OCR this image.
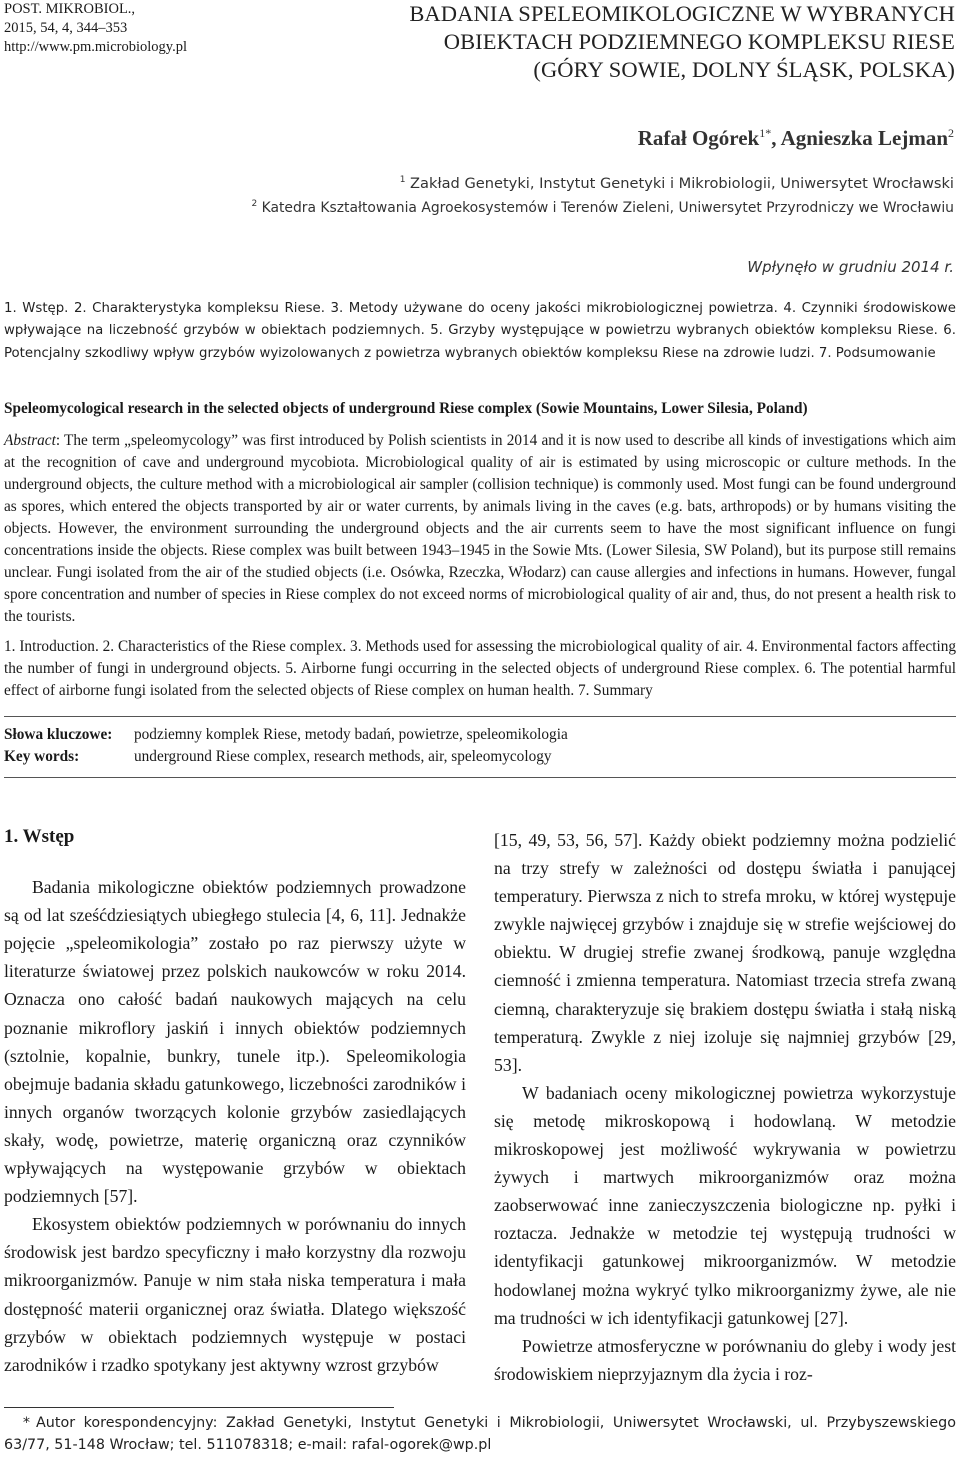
POST. MIKROBIOL.,
2015, 54, 4, 344–353
http://www.pm.microbiology.pl
BADANIA SPELEOMIKOLOGICZNE W WYBRANYCH
OBIEKTACH PODZIEMNEGO KOMPLEKSU RIESE
(GÓRY SOWIE, DOLNY ŚLĄSK, POLSKA)
Rafał Ogórek$^{1*}$, Agnieszka Lejman$^2$
$^1$ Zakład Genetyki, Instytut Genetyki i Mikrobiologii, Uniwersytet Wrocławski
$^2$ Katedra Kształtowania Agroekosystemów i Terenów Zieleni, Uniwersytet Przyrodniczy we Wrocławiu
Wpłynęło w grudniu 2014 r.
1. Wstęp. 2. Charakterystyka kompleksu Riese. 3. Metody używane do oceny jakości mikrobiologicznej powietrza. 4. Czynniki środowiskowe wpływające na liczebność grzybów w obiektach podziemnych. 5. Grzyby występujące w powietrzu wybranych obiektów kompleksu Riese. 6. Potencjalny szkodliwy wpływ grzybów wyizolowanych z powietrza wybranych obiektów kompleksu Riese na zdrowie ludzi. 7. Podsumowanie
Speleomycological research in the selected objects of underground Riese complex (Sowie Mountains, Lower Silesia, Poland)
Abstract: The term „speleomycology” was first introduced by Polish scientists in 2014 and it is now used to describe all kinds of investigations which aim at the recognition of cave and underground mycobiota. Microbiological quality of air is estimated by using microscopic or culture methods. In the underground objects, the culture method with a microbiological air sampler (collision technique) is commonly used. Most fungi can be found underground as spores, which entered the objects transported by air or water currents, by animals living in the caves (e.g. bats, arthropods) or by humans visiting the objects. However, the environment surrounding the underground objects and the air currents seem to have the most significant influence on fungi concentrations inside the objects. Riese complex was built between 1943–1945 in the Sowie Mts. (Lower Silesia, SW Poland), but its purpose still remains unclear. Fungi isolated from the air of the studied objects (i.e. Osówka, Rzeczka, Włodarz) can cause allergies and infections in humans. However, fungal spore concentration and number of species in Riese complex do not exceed norms of microbiological quality of air and, thus, do not present a health risk to the tourists.
1. Introduction. 2. Characteristics of the Riese complex. 3. Methods used for assessing the microbiological quality of air. 4. Environmental factors affecting the number of fungi in underground objects. 5. Airborne fungi occurring in the selected objects of underground Riese complex. 6. The potential harmful effect of airborne fungi isolated from the selected objects of Riese complex on human health. 7. Summary
Słowa kluczowe: podziemny komplek Riese, metody badań, powietrze, speleomikologia
Key words:	underground Riese complex, research methods, air, speleomycology
1. Wstęp

Badania mikologiczne obiektów podziemnych prowadzone są od lat sześćdziesiątych ubiegłego stulecia [4, 6, 11]. Jednakże pojęcie „speleomikologia” zostało po raz pierwszy użyte w literaturze światowej przez polskich naukowców w roku 2014. Oznacza ono całość badań naukowych mających na celu poznanie mikroflory jaskiń i innych obiektów podziemnych (sztolnie, kopalnie, bunkry, tunele itp.). Speleomikologia obejmuje badania składu gatunkowego, liczebności zarodników i innych organów tworzących kolonie grzybów zasiedlających skały, wodę, powietrze, materię organiczną oraz czynników wpływających na występowanie grzybów w obiektach podziemnych [57].

Ekosystem obiektów podziemnych w porównaniu do innych środowisk jest bardzo specyficzny i mało korzystny dla rozwoju mikroorganizmów. Panuje w nim stała niska temperatura i mała dostępność materii organicznej oraz światła. Dlatego większość grzybów w obiektach podziemnych występuje w postaci zarodników i rzadko spotykany jest aktywny wzrost grzybów

[15, 49, 53, 56, 57]. Każdy obiekt podziemny można podzielić na trzy strefy w zależności od dostępu światła i panującej temperatury. Pierwsza z nich to strefa mroku, w której występuje zwykle najwięcej grzybów i znajduje się w strefie wejściowej do obiektu. W drugiej strefie zwanej środkową, panuje względna ciemność i zmienna temperatura. Natomiast trzecia strefa zwaną ciemną, charakteryzuje się brakiem dostępu światła i stałą niską temperaturą. Zwykle z niej izoluje się najmniej grzybów [29, 53].

W badaniach oceny mikologicznej powietrza wykorzystuje się metodę mikroskopową i hodowlaną. W metodzie mikroskopowej jest możliwość wykrywania w powietrzu żywych i martwych mikroorganizmów oraz można zaobserwować inne zanieczyszczenia biologiczne np. pyłki i roztacza. Jednakże w metodzie tej występują trudności w identyfikacji gatunkowej mikroorganizmów. W metodzie hodowlanej można wykryć tylko mikroorganizmy żywe, ale nie ma trudności w ich identyfikacji gatunkowej [27].

Powietrze atmosferyczne w porównaniu do gleby i wody jest środowiskiem nieprzyjaznym dla życia i roz-

* Autor korespondencyjny: Zakład Genetyki, Instytut Genetyki i Mikrobiologii, Uniwersytet Wrocławski, ul. Przybyszewskiego 63/77, 51-148 Wrocław; tel. 511078318; e-mail: rafal-ogorek@wp.pl
